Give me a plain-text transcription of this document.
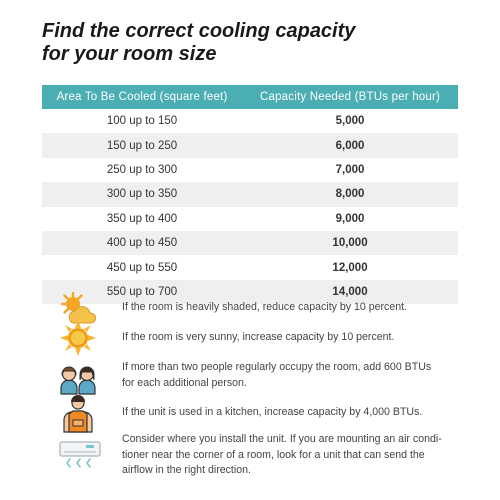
Find the correct cooling capacity
for your room size
Area To Be Cooled (square feet)	Capacity Needed (BTUs per hour)
100 up to 150	5,000
150 up to 250	6,000
250 up to 300	7,000
300 up to 350	8,000
350 up to 400	9,000
400 up to 450	10,000
450 up to 550	12,000
550 up to 700	14,000
If the room is heavily shaded, reduce capacity by 10 percent.
If the room is very sunny, increase capacity by 10 percent.
If more than two people regularly occupy the room, add 600 BTUs
for each additional person.
If the unit is used in a kitchen, increase capacity by 4,000 BTUs.
Consider where you install the unit. If you are mounting an air condi-
tioner near the corner of a room, look for a unit that can send the
airflow in the right direction.
